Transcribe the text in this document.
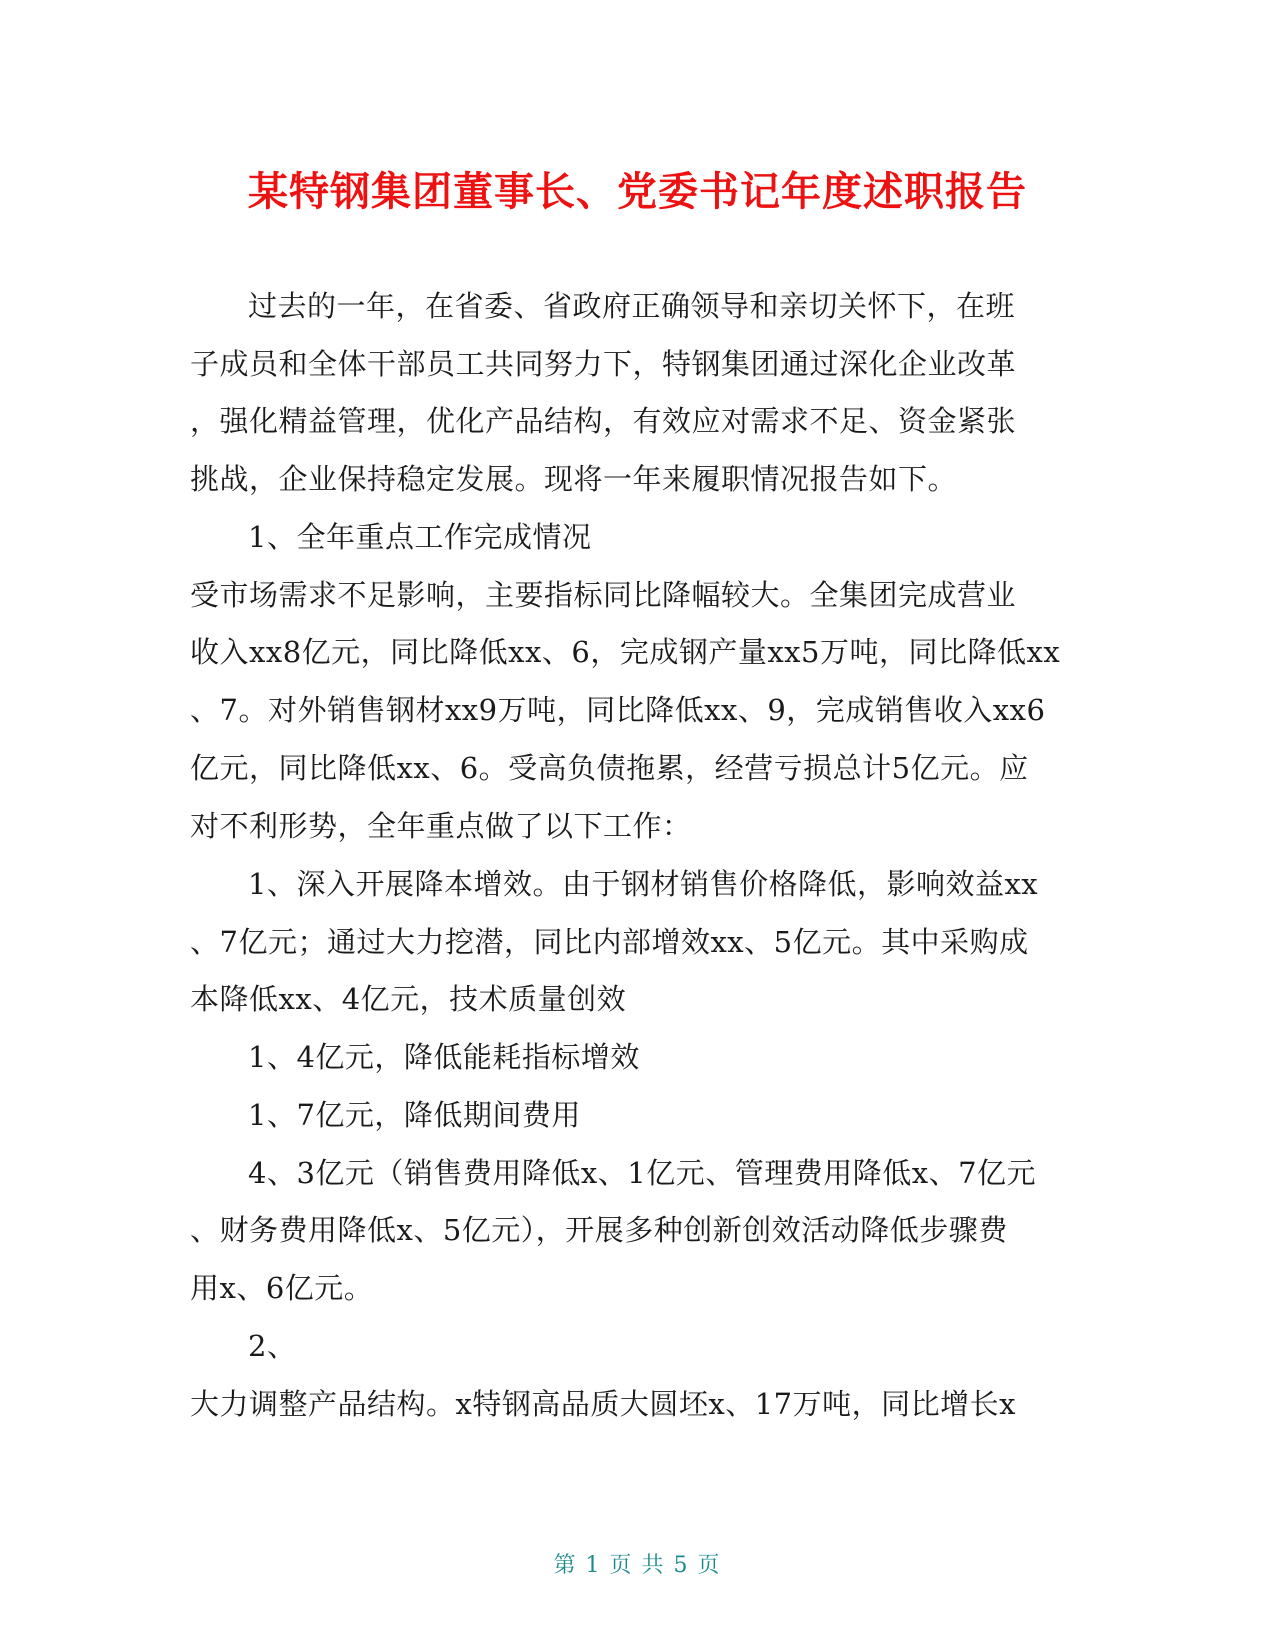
某特钢集团董事长、党委书记年度述职报告
过去的一年，在省委、省政府正确领导和亲切关怀下，在班
子成员和全体干部员工共同努力下，特钢集团通过深化企业改革
，强化精益管理，优化产品结构，有效应对需求不足、资金紧张
挑战，企业保持稳定发展。现将一年来履职情况报告如下。
1、全年重点工作完成情况
受市场需求不足影响，主要指标同比降幅较大。全集团完成营业
收入xx8亿元，同比降低xx、6，完成钢产量xx5万吨，同比降低xx
、7。对外销售钢材xx9万吨，同比降低xx、9，完成销售收入xx6
亿元，同比降低xx、6。受高负债拖累，经营亏损总计5亿元。应
对不利形势，全年重点做了以下工作：
1、深入开展降本增效。由于钢材销售价格降低，影响效益xx
、7亿元；通过大力挖潜，同比内部增效xx、5亿元。其中采购成
本降低xx、4亿元，技术质量创效
1、4亿元，降低能耗指标增效
1、7亿元，降低期间费用
4、3亿元（销售费用降低x、1亿元、管理费用降低x、7亿元
、财务费用降低x、5亿元），开展多种创新创效活动降低步骤费
用x、6亿元。
2、
大力调整产品结构。x特钢高品质大圆坯x、17万吨，同比增长x
第 1 页 共 5 页
